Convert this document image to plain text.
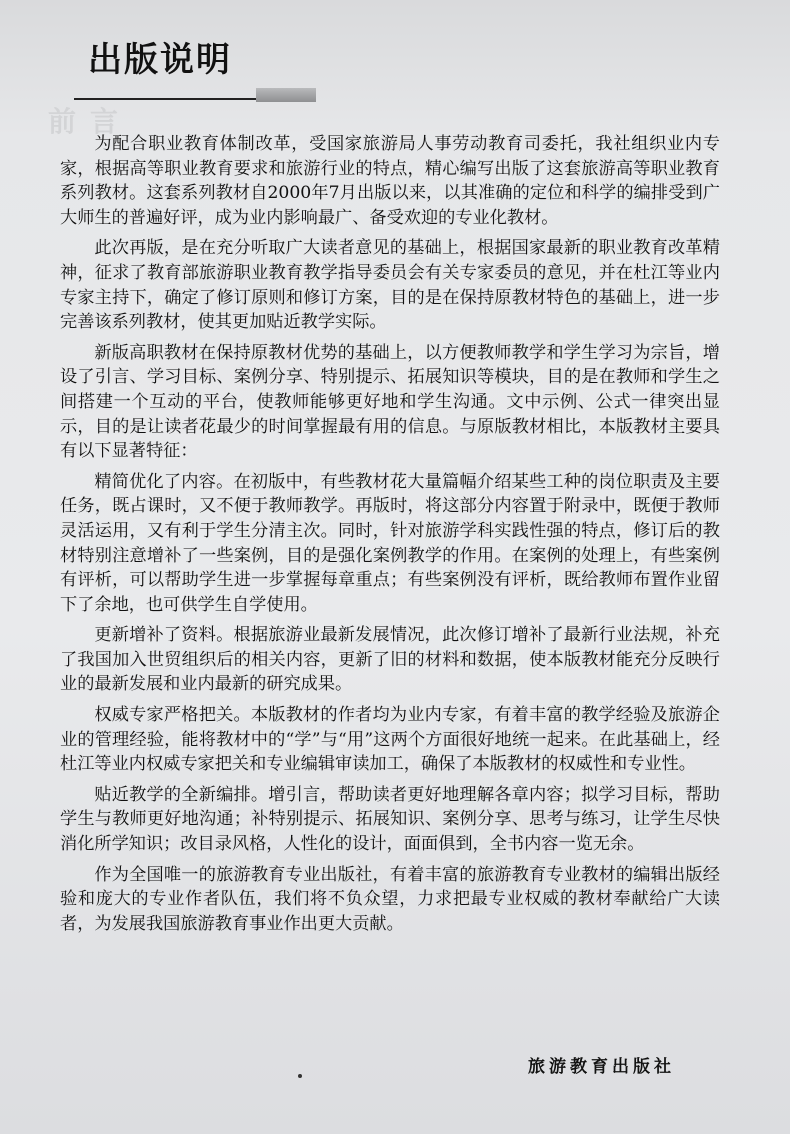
出版说明
前言

为配合职业教育体制改革，受国家旅游局人事劳动教育司委托，我社组织业内专家，根据高等职业教育要求和旅游行业的特点，精心编写出版了这套旅游高等职业教育系列教材。这套系列教材自2000年7月出版以来，以其准确的定位和科学的编排受到广大师生的普遍好评，成为业内影响最广、备受欢迎的专业化教材。

此次再版，是在充分听取广大读者意见的基础上，根据国家最新的职业教育改革精神，征求了教育部旅游职业教育教学指导委员会有关专家委员的意见，并在杜江等业内专家主持下，确定了修订原则和修订方案，目的是在保持原教材特色的基础上，进一步完善该系列教材，使其更加贴近教学实际。

新版高职教材在保持原教材优势的基础上，以方便教师教学和学生学习为宗旨，增设了引言、学习目标、案例分享、特别提示、拓展知识等模块，目的是在教师和学生之间搭建一个互动的平台，使教师能够更好地和学生沟通。文中示例、公式一律突出显示，目的是让读者花最少的时间掌握最有用的信息。与原版教材相比，本版教材主要具有以下显著特征：

精简优化了内容。在初版中，有些教材花大量篇幅介绍某些工种的岗位职责及主要任务，既占课时，又不便于教师教学。再版时，将这部分内容置于附录中，既便于教师灵活运用，又有利于学生分清主次。同时，针对旅游学科实践性强的特点，修订后的教材特别注意增补了一些案例，目的是强化案例教学的作用。在案例的处理上，有些案例有评析，可以帮助学生进一步掌握每章重点；有些案例没有评析，既给教师布置作业留下了余地，也可供学生自学使用。

更新增补了资料。根据旅游业最新发展情况，此次修订增补了最新行业法规，补充了我国加入世贸组织后的相关内容，更新了旧的材料和数据，使本版教材能充分反映行业的最新发展和业内最新的研究成果。

权威专家严格把关。本版教材的作者均为业内专家，有着丰富的教学经验及旅游企业的管理经验，能将教材中的“学”与“用”这两个方面很好地统一起来。在此基础上，经杜江等业内权威专家把关和专业编辑审读加工，确保了本版教材的权威性和专业性。

贴近教学的全新编排。增引言，帮助读者更好地理解各章内容；拟学习目标，帮助学生与教师更好地沟通；补特别提示、拓展知识、案例分享、思考与练习，让学生尽快消化所学知识；改目录风格，人性化的设计，面面俱到，全书内容一览无余。

作为全国唯一的旅游教育专业出版社，有着丰富的旅游教育专业教材的编辑出版经验和庞大的专业作者队伍，我们将不负众望，力求把最专业权威的教材奉献给广大读者，为发展我国旅游教育事业作出更大贡献。

旅游教育出版社
